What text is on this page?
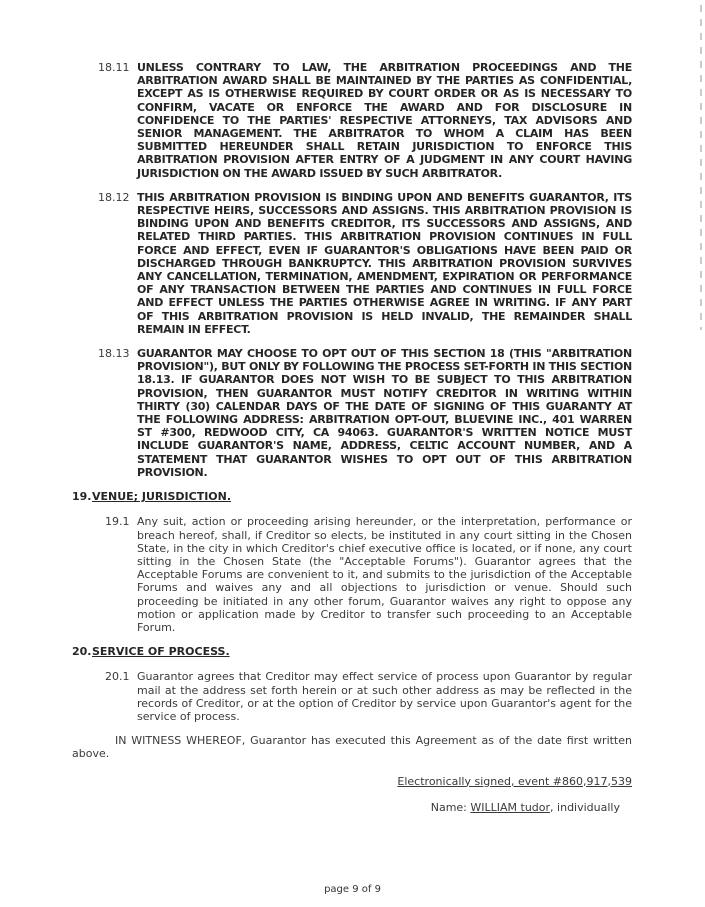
18.11 UNLESS CONTRARY TO LAW, THE ARBITRATION PROCEEDINGS AND THE ARBITRATION AWARD SHALL BE MAINTAINED BY THE PARTIES AS CONFIDENTIAL, EXCEPT AS IS OTHERWISE REQUIRED BY COURT ORDER OR AS IS NECESSARY TO CONFIRM, VACATE OR ENFORCE THE AWARD AND FOR DISCLOSURE IN CONFIDENCE TO THE PARTIES' RESPECTIVE ATTORNEYS, TAX ADVISORS AND SENIOR MANAGEMENT. THE ARBITRATOR TO WHOM A CLAIM HAS BEEN SUBMITTED HEREUNDER SHALL RETAIN JURISDICTION TO ENFORCE THIS ARBITRATION PROVISION AFTER ENTRY OF A JUDGMENT IN ANY COURT HAVING JURISDICTION ON THE AWARD ISSUED BY SUCH ARBITRATOR.

18.12 THIS ARBITRATION PROVISION IS BINDING UPON AND BENEFITS GUARANTOR, ITS RESPECTIVE HEIRS, SUCCESSORS AND ASSIGNS. THIS ARBITRATION PROVISION IS BINDING UPON AND BENEFITS CREDITOR, ITS SUCCESSORS AND ASSIGNS, AND RELATED THIRD PARTIES. THIS ARBITRATION PROVISION CONTINUES IN FULL FORCE AND EFFECT, EVEN IF GUARANTOR'S OBLIGATIONS HAVE BEEN PAID OR DISCHARGED THROUGH BANKRUPTCY. THIS ARBITRATION PROVISION SURVIVES ANY CANCELLATION, TERMINATION, AMENDMENT, EXPIRATION OR PERFORMANCE OF ANY TRANSACTION BETWEEN THE PARTIES AND CONTINUES IN FULL FORCE AND EFFECT UNLESS THE PARTIES OTHERWISE AGREE IN WRITING. IF ANY PART OF THIS ARBITRATION PROVISION IS HELD INVALID, THE REMAINDER SHALL REMAIN IN EFFECT.

18.13 GUARANTOR MAY CHOOSE TO OPT OUT OF THIS SECTION 18 (THIS "ARBITRATION PROVISION"), BUT ONLY BY FOLLOWING THE PROCESS SET-FORTH IN THIS SECTION 18.13. IF GUARANTOR DOES NOT WISH TO BE SUBJECT TO THIS ARBITRATION PROVISION, THEN GUARANTOR MUST NOTIFY CREDITOR IN WRITING WITHIN THIRTY (30) CALENDAR DAYS OF THE DATE OF SIGNING OF THIS GUARANTY AT THE FOLLOWING ADDRESS: ARBITRATION OPT-OUT, BLUEVINE INC., 401 WARREN ST #300, REDWOOD CITY, CA 94063. GUARANTOR'S WRITTEN NOTICE MUST INCLUDE GUARANTOR'S NAME, ADDRESS, CELTIC ACCOUNT NUMBER, AND A STATEMENT THAT GUARANTOR WISHES TO OPT OUT OF THIS ARBITRATION PROVISION.

19.VENUE; JURISDICTION.
19.1 Any suit, action or proceeding arising hereunder, or the interpretation, performance or breach hereof, shall, if Creditor so elects, be instituted in any court sitting in the Chosen State, in the city in which Creditor's chief executive office is located, or if none, any court sitting in the Chosen State (the "Acceptable Forums"). Guarantor agrees that the Acceptable Forums are convenient to it, and submits to the jurisdiction of the Acceptable Forums and waives any and all objections to jurisdiction or venue. Should such proceeding be initiated in any other forum, Guarantor waives any right to oppose any motion or application made by Creditor to transfer such proceeding to an Acceptable Forum.

20.SERVICE OF PROCESS.
20.1 Guarantor agrees that Creditor may effect service of process upon Guarantor by regular mail at the address set forth herein or at such other address as may be reflected in the records of Creditor, or at the option of Creditor by service upon Guarantor's agent for the service of process.

IN WITNESS WHEREOF, Guarantor has executed this Agreement as of the date first written above.

Electronically signed, event #860,917,539

Name: WILLIAM tudor, individually

page 9 of 9
